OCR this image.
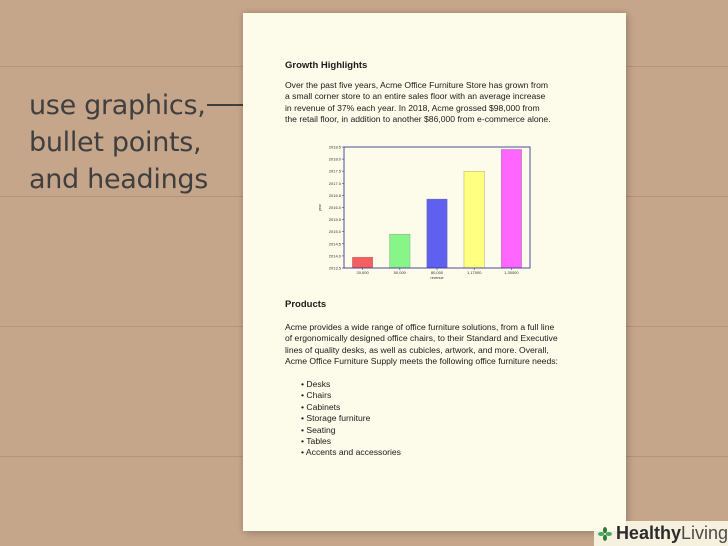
use graphics,
bullet points,
and headings
Growth Highlights
Over the past five years, Acme Office Furniture Store has grown from
a small corner store to an entire sales floor with an average increase
in revenue of 37% each year. In 2018, Acme grossed $98,000 from
the retail floor, in addition to another $86,000 from e-commerce alone.
2013.5
2014.0
2014.5
2015.0
2015.5
2016.0
2016.5
2017.0
2017.5
2018.0
2018.5
20,000	50,000	80,000	1,17000	1,30000
revenue
year
Products
Acme provides a wide range of office furniture solutions, from a full line
of ergonomically designed office chairs, to their Standard and Executive
lines of quality desks, as well as cubicles, artwork, and more. Overall,
Acme Office Furniture Supply meets the following office furniture needs:
• Desks
• Chairs
• Cabinets
• Storage furniture
• Seating
• Tables
• Accents and accessories
Healthy Living
